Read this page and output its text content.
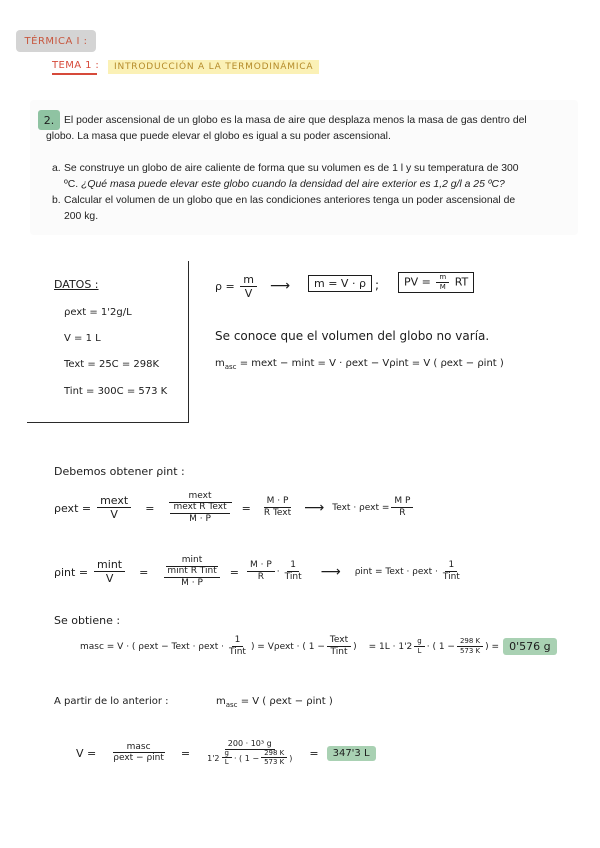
TÉRMICA I :
TEMA 1 :	INTRODUCCIÓN A LA TERMODINÁMICA
2. El poder ascensional de un globo es la masa de aire que desplaza menos la masa de gas dentro del
globo. La masa que puede elevar el globo es igual a su poder ascensional.
a. Se construye un globo de aire caliente de forma que su volumen es de 1 l y su temperatura de 300
ºC. ¿Qué masa puede elevar este globo cuando la densidad del aire exterior es 1,2 g/l a 25 ºC?
b. Calcular el volumen de un globo que en las condiciones anteriores tenga un poder ascensional de
200 kg.
DATOS :
ρext = 1'2g/L
V = 1 L
Text = 25C = 298K
Tint = 300C = 573 K
$\rho = \frac{m}{V}$ ⟶	m = V · ρ ;	PV = $\frac{m}{M}$ RT
Se conoce que el volumen del globo no varía.
$m_{asc}$ = mext − mint = V · ρext − Vρint = V ( ρext − ρint )
Debemos obtener ρint :
$\rho ext = \frac{\text{mext}}{V} = \frac{\text{mext}}{\frac{\text{mext R Text}}{M \cdot P}} = \frac{M \cdot P}{\text{R Text}}$ ⟶ Text · $\rho ext = \frac{\text{M P}}{R}$
$\rho int = \frac{\min t}{V} = \frac{\min t}{\frac{\text{mint R Tint}}{M \cdot P}} = \frac{M \cdot P}{R} \cdot \frac{1}{\text{Tint}}$ ⟶ ρint = Text · $\rho ext \cdot \frac{1}{\text{Tint}}$
Se obtiene :
masc = V · ( ρext − Text · $\rho ext \cdot \frac{1}{\text{Tint}}$ ) = Vρext · ( $1 - \frac{\text{Text}}{\text{Tint}}$ ) = $1L \cdot 1'2 \frac{g}{L}$ · ( $1 - \frac{298 K}{573 K}$ ) = 0'576 g
A partir de lo anterior :	$m_{asc} = V$ ( ρext − ρint )
$V = \frac{\text{masc}}{\text{ρext − ρint}}$ =
200 · 10³ g
$1'2 \frac{g}{L}$ · ( $1 - \frac{298 K}{573 K}$ ) =	347'3 L
